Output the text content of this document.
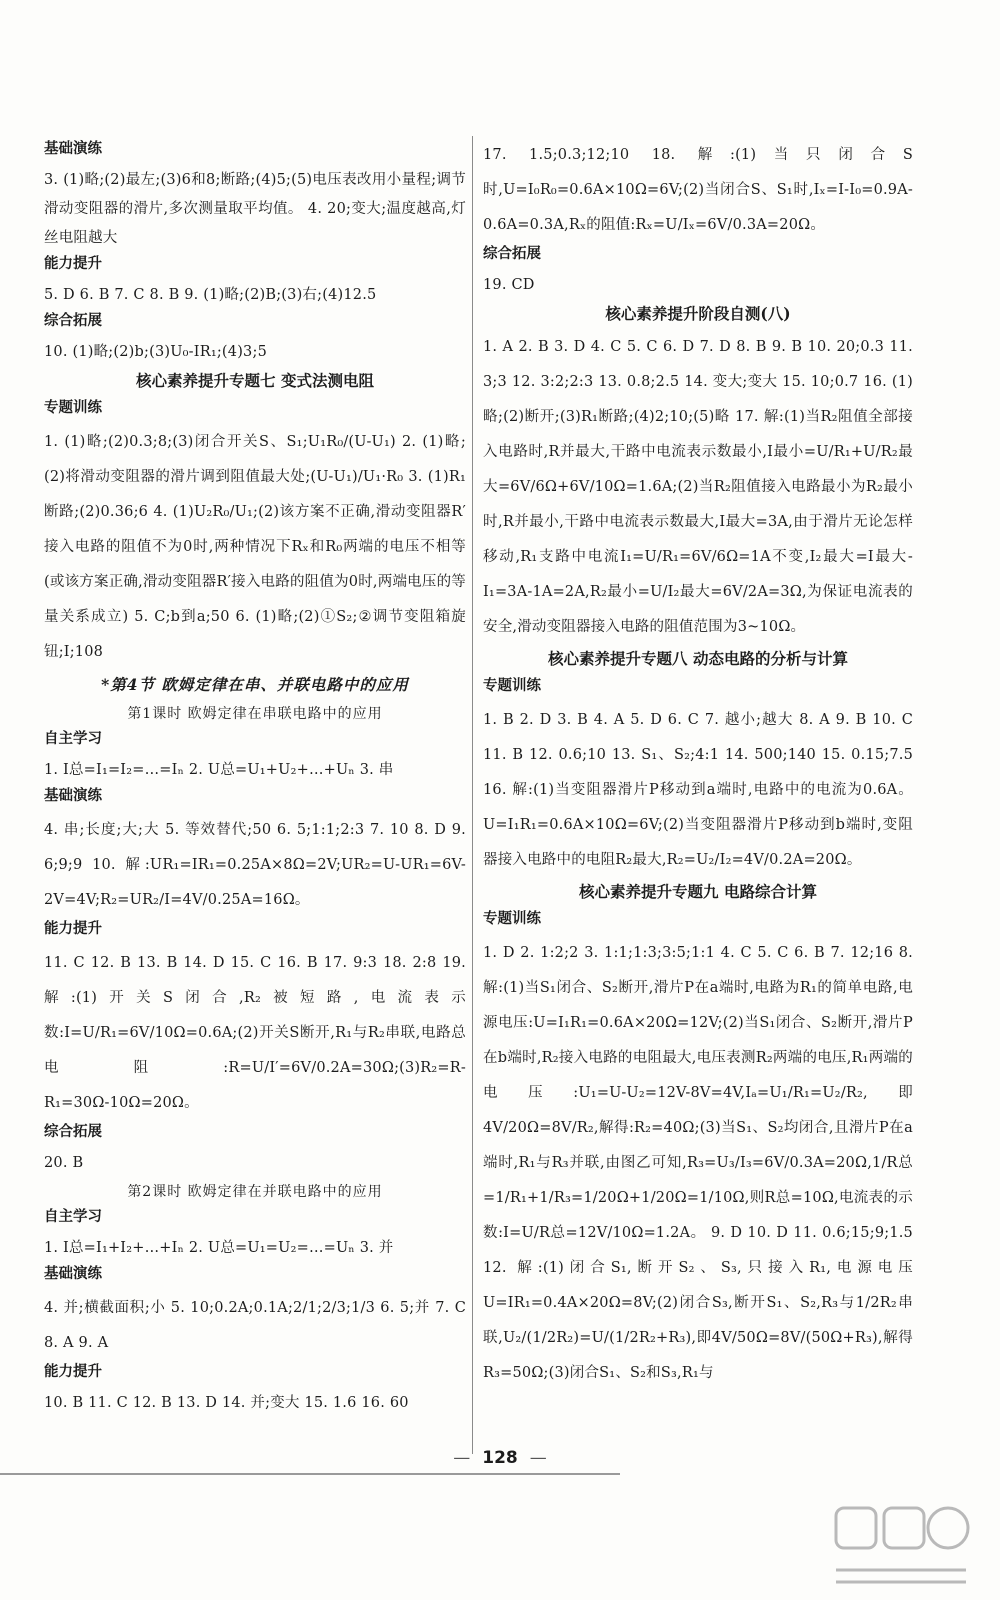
基础演练

3. (1)略;(2)最左;(3)6和8;断路;(4)5;(5)电压表改用小量程;调节滑动变阻器的滑片,多次测量取平均值。 4. 20;变大;温度越高,灯丝电阻越大

能力提升

5. D 6. B 7. C 8. B 9. (1)略;(2)B;(3)右;(4)12.5

综合拓展

10. (1)略;(2)b;(3)U₀-IR₁;(4)3;5

核心素养提升专题七 变式法测电阻

专题训练

1. (1)略;(2)0.3;8;(3)闭合开关S、S₁;U₁R₀/(U-U₁) 2. (1)略;(2)将滑动变阻器的滑片调到阻值最大处;(U-U₁)/U₁·R₀ 3. (1)R₁断路;(2)0.36;6 4. (1)U₂R₀/U₁;(2)该方案不正确,滑动变阻器R′接入电路的阻值不为0时,两种情况下Rₓ和R₀两端的电压不相等(或该方案正确,滑动变阻器R′接入电路的阻值为0时,两端电压的等量关系成立) 5. C;b到a;50 6. (1)略;(2)①S₂;②调节变阻箱旋钮;I;108

*第4节 欧姆定律在串、并联电路中的应用

第1课时 欧姆定律在串联电路中的应用

自主学习

1. I总=I₁=I₂=…=Iₙ 2. U总=U₁+U₂+…+Uₙ 3. 串

基础演练

4. 串;长度;大;大 5. 等效替代;50 6. 5;1:1;2:3 7. 10 8. D 9. 6;9;9 10. 解:UR₁=IR₁=0.25A×8Ω=2V;UR₂=U-UR₁=6V-2V=4V;R₂=UR₂/I=4V/0.25A=16Ω。

能力提升

11. C 12. B 13. B 14. D 15. C 16. B 17. 9:3 18. 2:8 19. 解:(1)开关S闭合,R₂被短路,电流表示数:I=U/R₁=6V/10Ω=0.6A;(2)开关S断开,R₁与R₂串联,电路总电阻:R=U/I′=6V/0.2A=30Ω;(3)R₂=R-R₁=30Ω-10Ω=20Ω。

综合拓展

20. B

第2课时 欧姆定律在并联电路中的应用

自主学习

1. I总=I₁+I₂+…+Iₙ 2. U总=U₁=U₂=…=Uₙ 3. 并

基础演练

4. 并;横截面积;小 5. 10;0.2A;0.1A;2/1;2/3;1/3 6. 5;并 7. C 8. A 9. A

能力提升

10. B 11. C 12. B 13. D 14. 并;变大 15. 1.6 16. 60

17. 1.5;0.3;12;10 18. 解:(1)当只闭合S时,U=I₀R₀=0.6A×10Ω=6V;(2)当闭合S、S₁时,Iₓ=I-I₀=0.9A-0.6A=0.3A,Rₓ的阻值:Rₓ=U/Iₓ=6V/0.3A=20Ω。

综合拓展

19. CD

核心素养提升阶段自测(八)

1. A 2. B 3. D 4. C 5. C 6. D 7. D 8. B 9. B 10. 20;0.3 11. 3;3 12. 3:2;2:3 13. 0.8;2.5 14. 变大;变大 15. 10;0.7 16. (1)略;(2)断开;(3)R₁断路;(4)2;10;(5)略 17. 解:(1)当R₂阻值全部接入电路时,R并最大,干路中电流表示数最小,I最小=U/R₁+U/R₂最大=6V/6Ω+6V/10Ω=1.6A;(2)当R₂阻值接入电路最小为R₂最小时,R并最小,干路中电流表示数最大,I最大=3A,由于滑片无论怎样移动,R₁支路中电流I₁=U/R₁=6V/6Ω=1A不变,I₂最大=I最大-I₁=3A-1A=2A,R₂最小=U/I₂最大=6V/2A=3Ω,为保证电流表的安全,滑动变阻器接入电路的阻值范围为3~10Ω。

核心素养提升专题八 动态电路的分析与计算

专题训练

1. B 2. D 3. B 4. A 5. D 6. C 7. 越小;越大 8. A 9. B 10. C 11. B 12. 0.6;10 13. S₁、S₂;4:1 14. 500;140 15. 0.15;7.5 16. 解:(1)当变阻器滑片P移动到a端时,电路中的电流为0.6A。U=I₁R₁=0.6A×10Ω=6V;(2)当变阻器滑片P移动到b端时,变阻器接入电路中的电阻R₂最大,R₂=U₂/I₂=4V/0.2A=20Ω。

核心素养提升专题九 电路综合计算

专题训练

1. D 2. 1:2;2 3. 1:1;1:3;3:5;1:1 4. C 5. C 6. B 7. 12;16 8. 解:(1)当S₁闭合、S₂断开,滑片P在a端时,电路为R₁的简单电路,电源电压:U=I₁R₁=0.6A×20Ω=12V;(2)当S₁闭合、S₂断开,滑片P在b端时,R₂接入电路的电阻最大,电压表测R₂两端的电压,R₁两端的电压:U₁=U-U₂=12V-8V=4V,Iₐ=U₁/R₁=U₂/R₂,即4V/20Ω=8V/R₂,解得:R₂=40Ω;(3)当S₁、S₂均闭合,且滑片P在a端时,R₁与R₃并联,由图乙可知,R₃=U₃/I₃=6V/0.3A=20Ω,1/R总=1/R₁+1/R₃=1/20Ω+1/20Ω=1/10Ω,则R总=10Ω,电流表的示数:I=U/R总=12V/10Ω=1.2A。 9. D 10. D 11. 0.6;15;9;1.5 12. 解:(1)闭合S₁,断开S₂、S₃,只接入R₁,电源电压U=IR₁=0.4A×20Ω=8V;(2)闭合S₃,断开S₁、S₂,R₃与1/2R₂串联,U₂/(1/2R₂)=U/(1/2R₂+R₃),即4V/50Ω=8V/(50Ω+R₃),解得R₃=50Ω;(3)闭合S₁、S₂和S₃,R₁与

— 128 —
